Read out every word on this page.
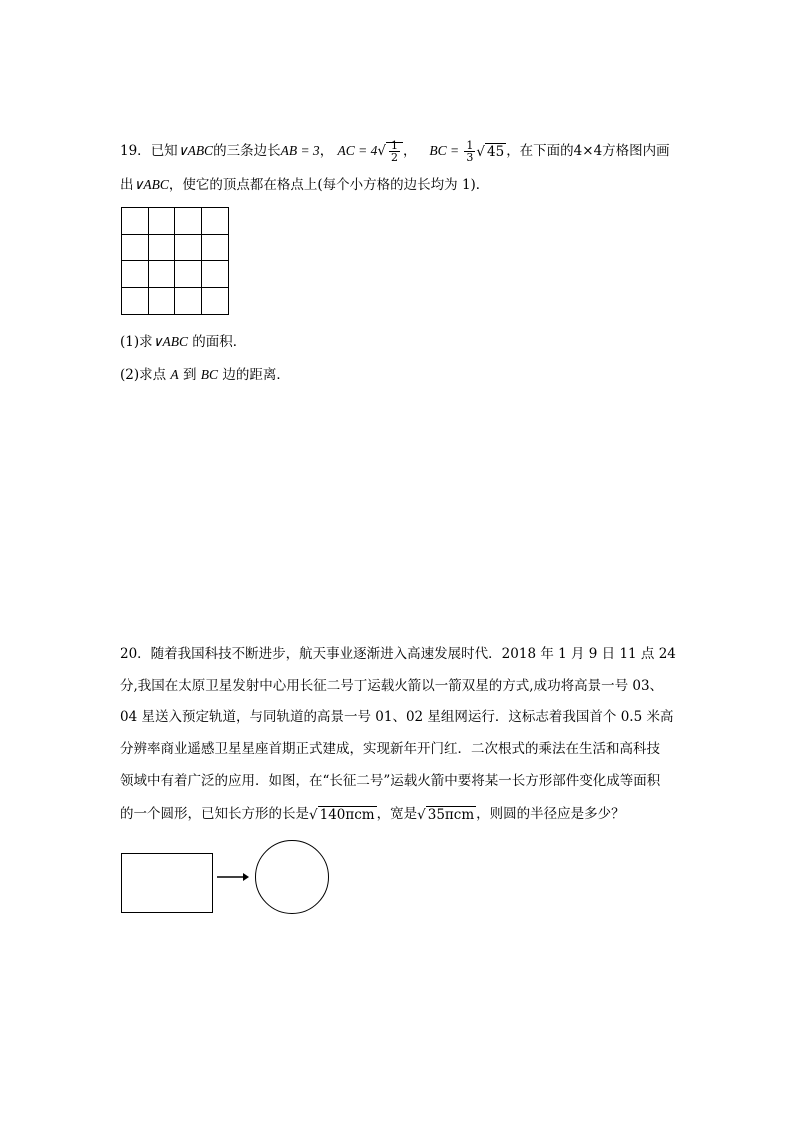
19．已知∨ABC的三条边长AB = 3， AC = $4√ \frac{1}{2}$ ， BC = $\frac{1}{3}$ √ 45 ，在下面的4×4方格图内画
出∨ABC，使它的顶点都在格点上(每个小方格的边长均为 1)．
(1)求∨ABC 的面积．
(2)求点 A 到 BC 边的距离．
20．随着我国科技不断进步，航天事业逐渐进入高速发展时代．2018 年 1 月 9 日 11 点 24
分,我国在太原卫星发射中心用长征二号丁运载火箭以一箭双星的方式,成功将高景一号 03、
04 星送入预定轨道，与同轨道的高景一号 01、02 星组网运行．这标志着我国首个 0.5 米高
分辨率商业遥感卫星星座首期正式建成，实现新年开门红．二次根式的乘法在生活和高科技
领域中有着广泛的应用．如图，在“长征二号”运载火箭中要将某一长方形部件变化成等面积
的一个圆形，已知长方形的长是√ 140πcm ，宽是√ 35πcm ，则圆的半径应是多少？
